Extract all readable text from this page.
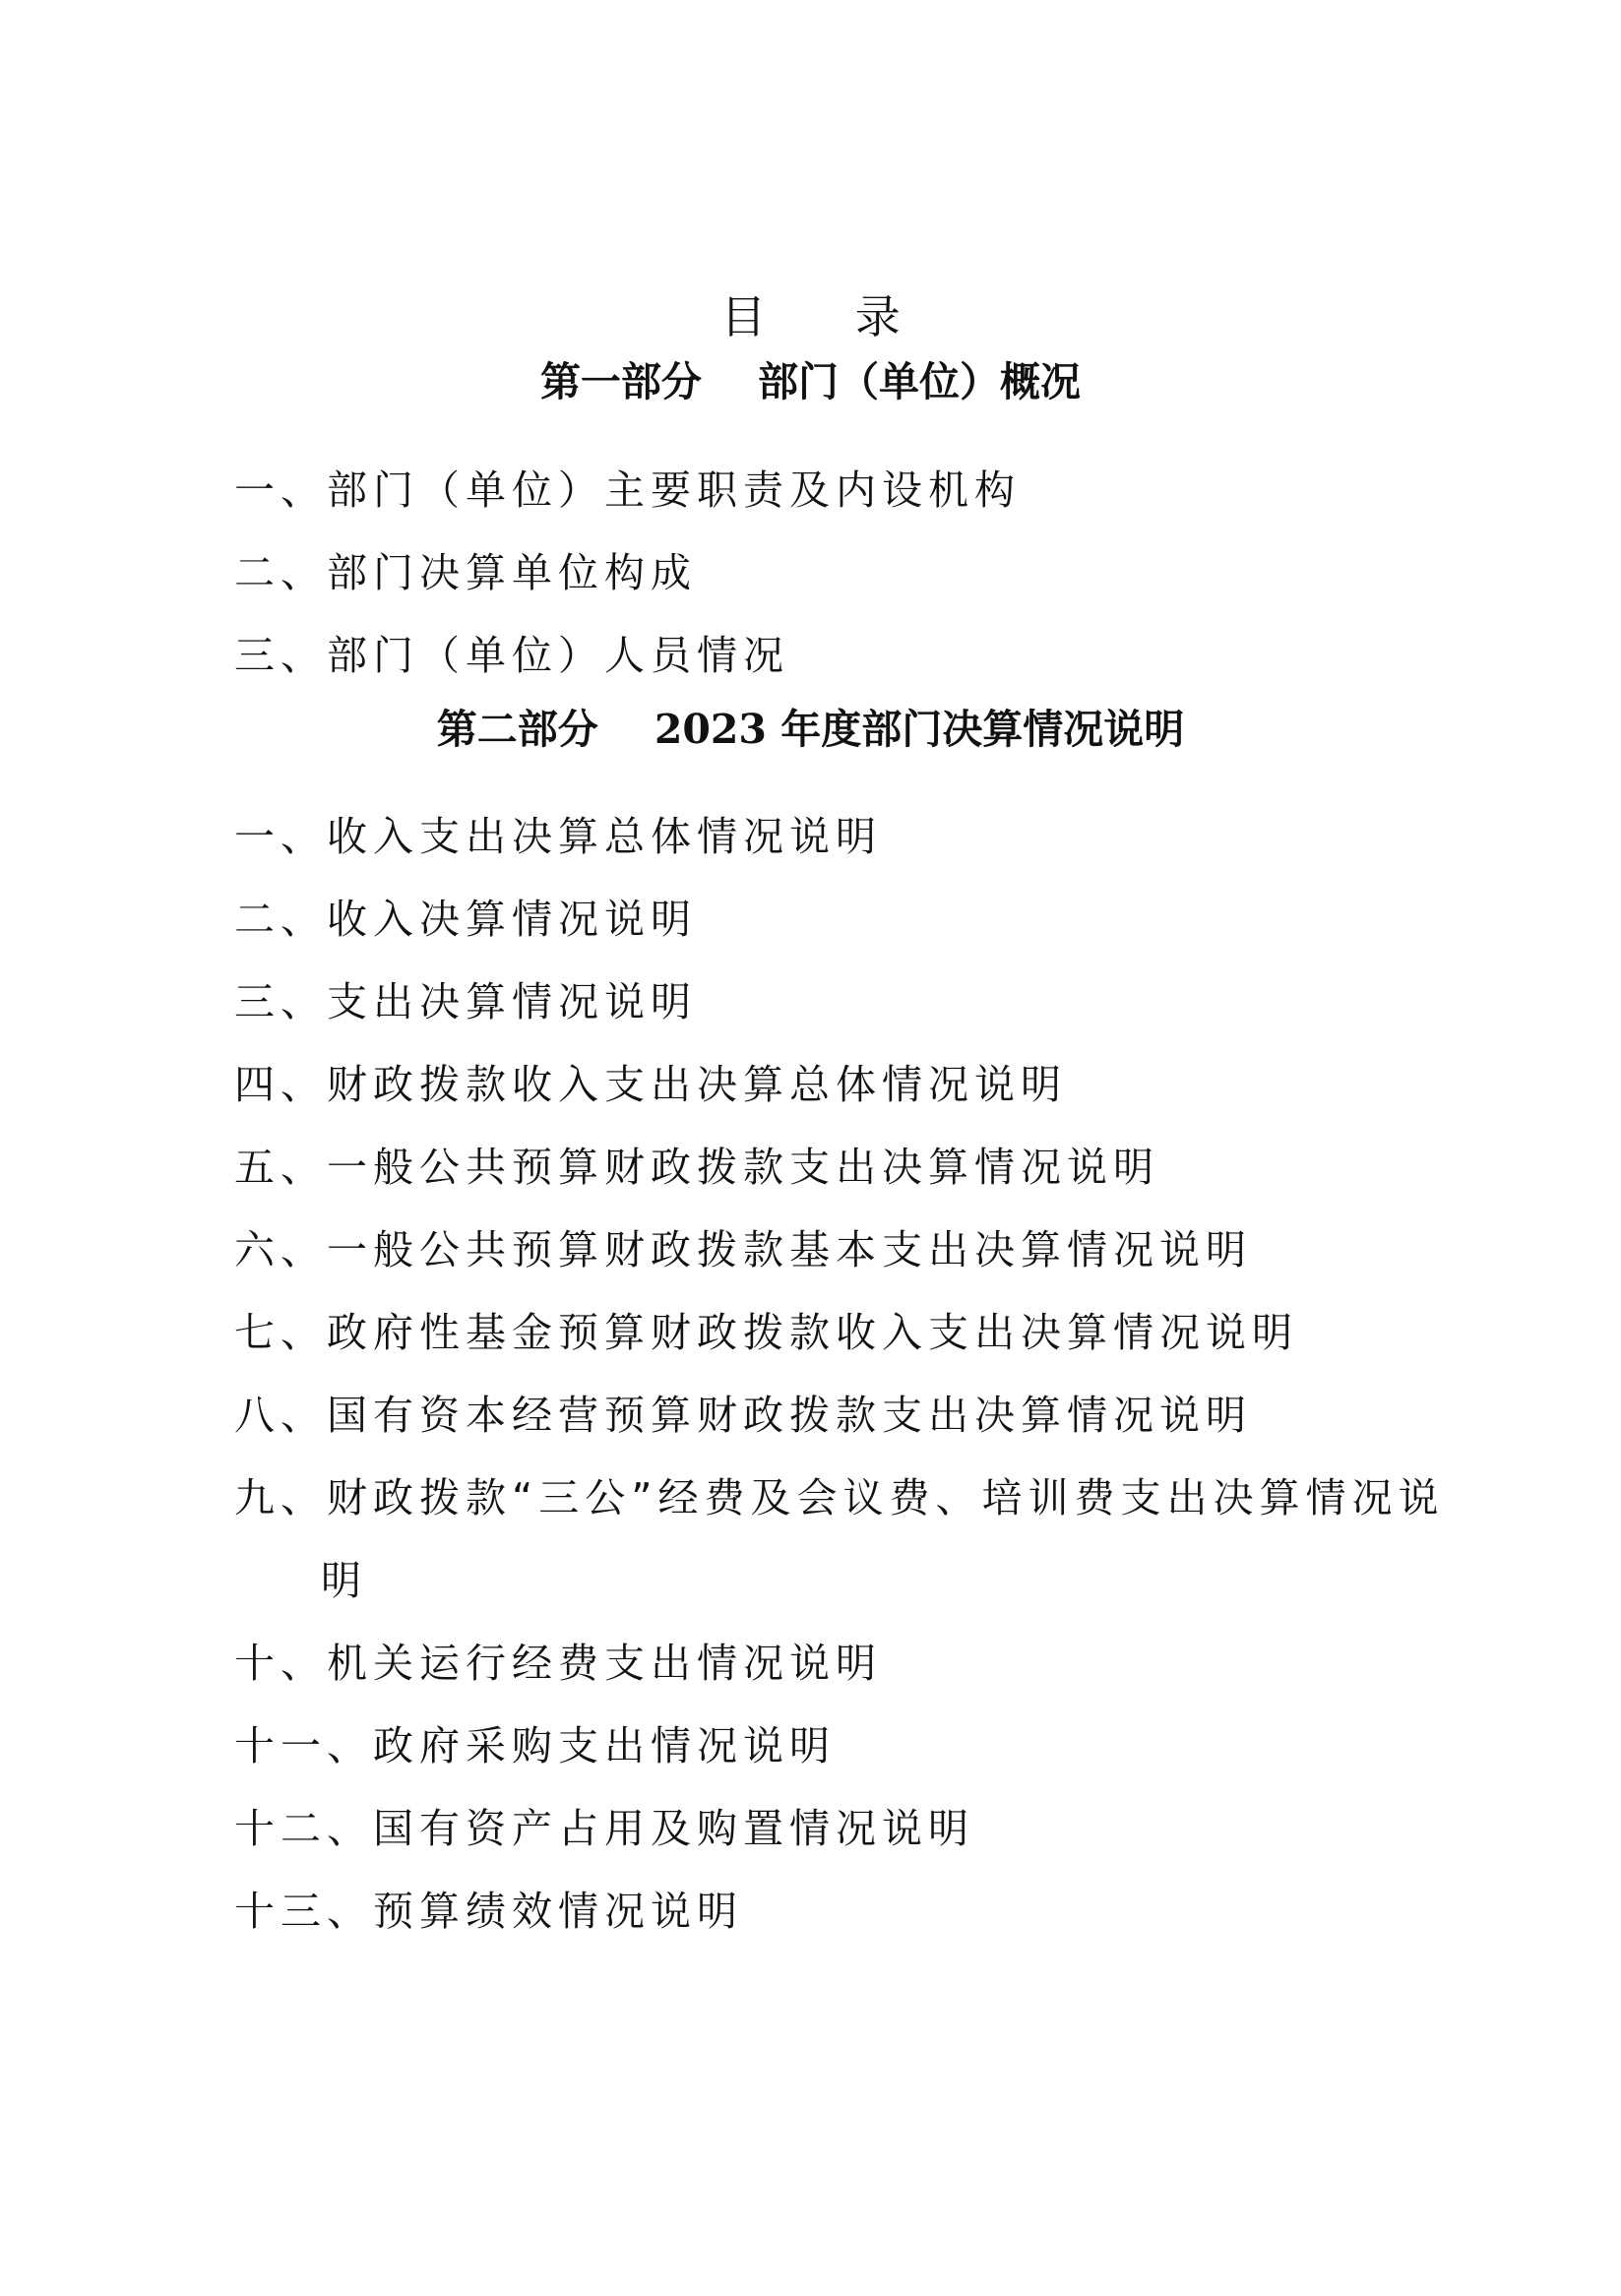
目 录
第一部分    部门（单位）概况
一、部门（单位）主要职责及内设机构
二、部门决算单位构成
三、部门（单位）人员情况
第二部分    2023 年度部门决算情况说明
一、收入支出决算总体情况说明
二、收入决算情况说明
三、支出决算情况说明
四、财政拨款收入支出决算总体情况说明
五、一般公共预算财政拨款支出决算情况说明
六、一般公共预算财政拨款基本支出决算情况说明
七、政府性基金预算财政拨款收入支出决算情况说明
八、国有资本经营预算财政拨款支出决算情况说明
九、财政拨款“三公”经费及会议费、培训费支出决算情况说
明
十、机关运行经费支出情况说明
十一、政府采购支出情况说明
十二、国有资产占用及购置情况说明
十三、预算绩效情况说明
